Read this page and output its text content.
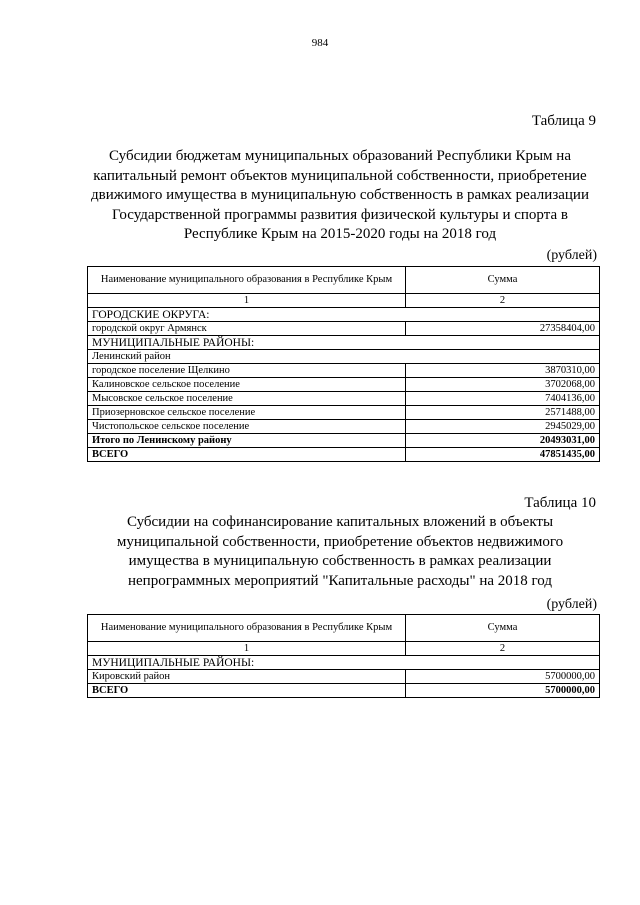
984
Таблица 9
Субсидии бюджетам муниципальных образований Республики Крым на
капитальный ремонт объектов муниципальной собственности, приобретение
движимого имущества в муниципальную собственность в рамках реализации
Государственной программы развития физической культуры и спорта в
Республике Крым на 2015-2020 годы на 2018 год
(рублей)
Наименование муниципального образования в Республике Крым	Сумма
1	2
ГОРОДСКИЕ ОКРУГА:	
городской округ Армянск	27358404,00
МУНИЦИПАЛЬНЫЕ РАЙОНЫ:	
Ленинский район	
городское поселение Щелкино	3870310,00
Калиновское сельское поселение	3702068,00
Мысовское сельское поселение	7404136,00
Приозерновское сельское поселение	2571488,00
Чистопольское сельское поселение	2945029,00
Итого по Ленинскому району	20493031,00
ВСЕГО	47851435,00
Таблица 10
Субсидии на софинансирование капитальных вложений в объекты
муниципальной собственности, приобретение объектов недвижимого
имущества в муниципальную собственность в рамках реализации
непрограммных мероприятий "Капитальные расходы" на 2018 год
(рублей)
Наименование муниципального образования в Республике Крым	Сумма
1	2
МУНИЦИПАЛЬНЫЕ РАЙОНЫ:	
Кировский район	5700000,00
ВСЕГО	5700000,00
